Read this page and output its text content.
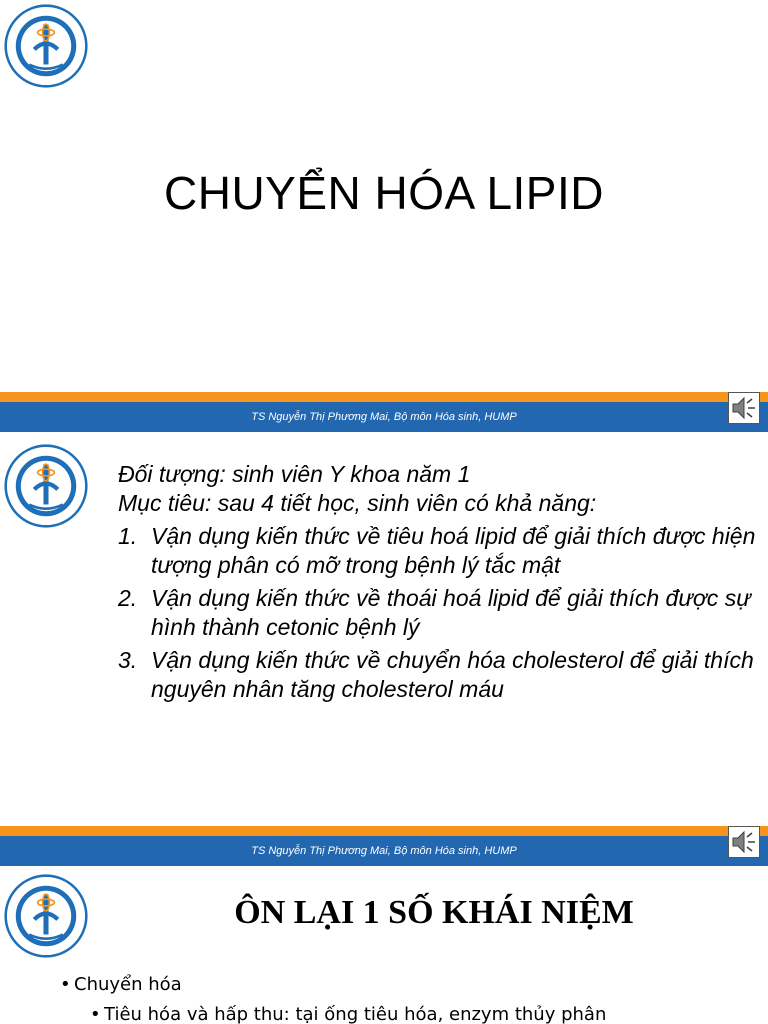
CHUYỂN HÓA LIPID
TS Nguyễn Thị Phương Mai, Bộ môn Hóa sinh, HUMP
Đối tượng: sinh viên Y khoa năm 1
Mục tiêu: sau 4 tiết học, sinh viên có khả năng:
1. Vận dụng kiến thức về tiêu hoá lipid để giải thích được hiện tượng phân có mỡ trong bệnh lý tắc mật
2. Vận dụng kiến thức về thoái hoá lipid để giải thích được sự hình thành cetonic bệnh lý
3. Vận dụng kiến thức về chuyển hóa cholesterol để giải thích nguyên nhân tăng cholesterol máu
TS Nguyễn Thị Phương Mai, Bộ môn Hóa sinh, HUMP
ÔN LẠI 1 SỐ KHÁI NIỆM
• Chuyển hóa
• Tiêu hóa và hấp thu: tại ống tiêu hóa, enzym thủy phân
